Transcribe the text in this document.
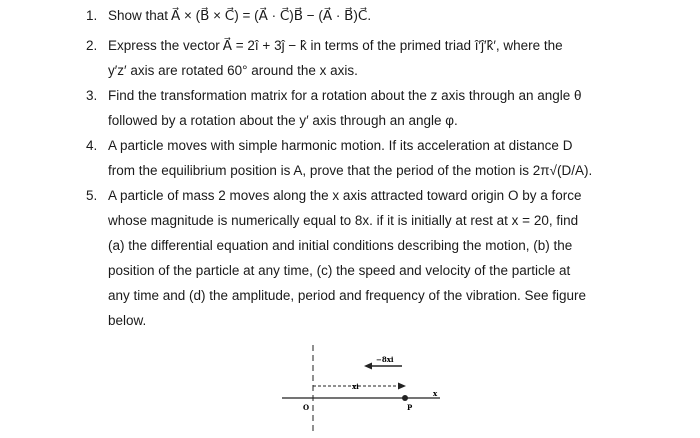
1. Show that A⃗ × (B⃗ × C⃗) = (A⃗ · C⃗)B⃗ − (A⃗ · B⃗)C⃗.
2. Express the vector A⃗ = 2î + 3ĵ − k̂ in terms of the primed triad î′ĵ′k̂′, where the
y′z′ axis are rotated 60° around the x axis.
3. Find the transformation matrix for a rotation about the z axis through an angle θ
followed by a rotation about the y′ axis through an angle φ.
4. A particle moves with simple harmonic motion. If its acceleration at distance D
from the equilibrium position is A, prove that the period of the motion is 2π√(D/A).
5. A particle of mass 2 moves along the x axis attracted toward origin O by a force
whose magnitude is numerically equal to 8x. if it is initially at rest at x = 20, find
(a) the differential equation and initial conditions describing the motion, (b) the
position of the particle at any time, (c) the speed and velocity of the particle at
any time and (d) the amplitude, period and frequency of the vibration. See figure
below.
−8xi
xi
O	P
x
